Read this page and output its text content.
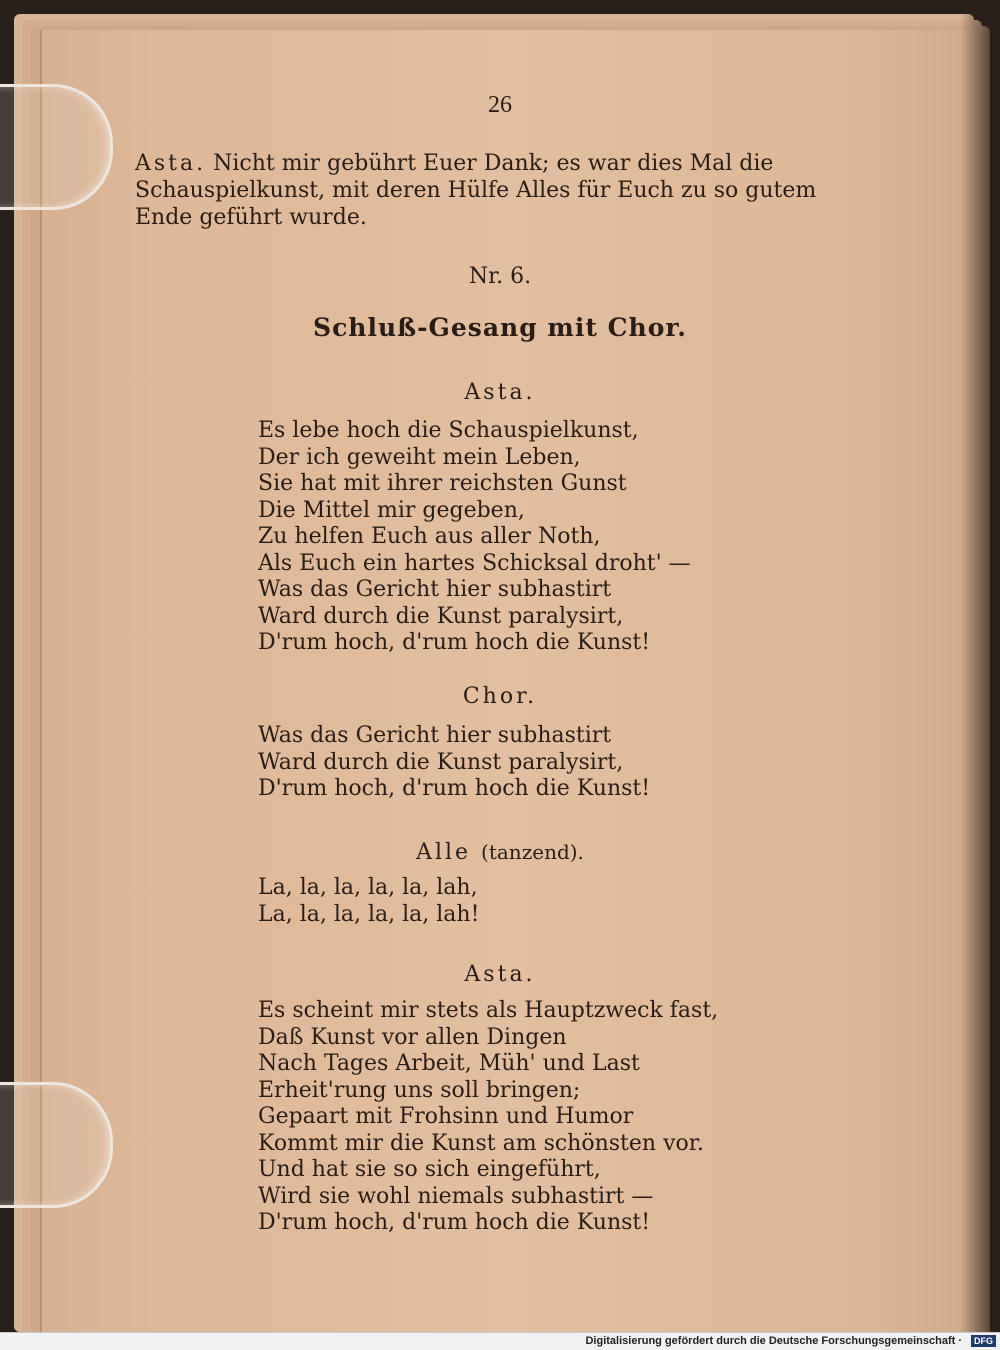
26
Asta. Nicht mir gebührt Euer Dank; es war dies Mal die Schauspielkunst, mit deren Hülfe Alles für Euch zu so gutem Ende geführt wurde.
Nr. 6.
Schluß-Gesang mit Chor.
Asta.
Es lebe hoch die Schauspielkunst,
Der ich geweiht mein Leben,
Sie hat mit ihrer reichsten Gunst
Die Mittel mir gegeben,
Zu helfen Euch aus aller Noth,
Als Euch ein hartes Schicksal droht' —
Was das Gericht hier subhastirt
Ward durch die Kunst paralysirt,
D'rum hoch, d'rum hoch die Kunst!
Chor.
Was das Gericht hier subhastirt
Ward durch die Kunst paralysirt,
D'rum hoch, d'rum hoch die Kunst!
Alle (tanzend).
La, la, la, la, la, lah,
La, la, la, la, la, lah!
Asta.
Es scheint mir stets als Hauptzweck fast,
Daß Kunst vor allen Dingen
Nach Tages Arbeit, Müh' und Last
Erheit'rung uns soll bringen;
Gepaart mit Frohsinn und Humor
Kommt mir die Kunst am schönsten vor.
Und hat sie so sich eingeführt,
Wird sie wohl niemals subhastirt —
D'rum hoch, d'rum hoch die Kunst!
Digitalisierung gefördert durch die Deutsche Forschungsgemeinschaft ·	DFG
